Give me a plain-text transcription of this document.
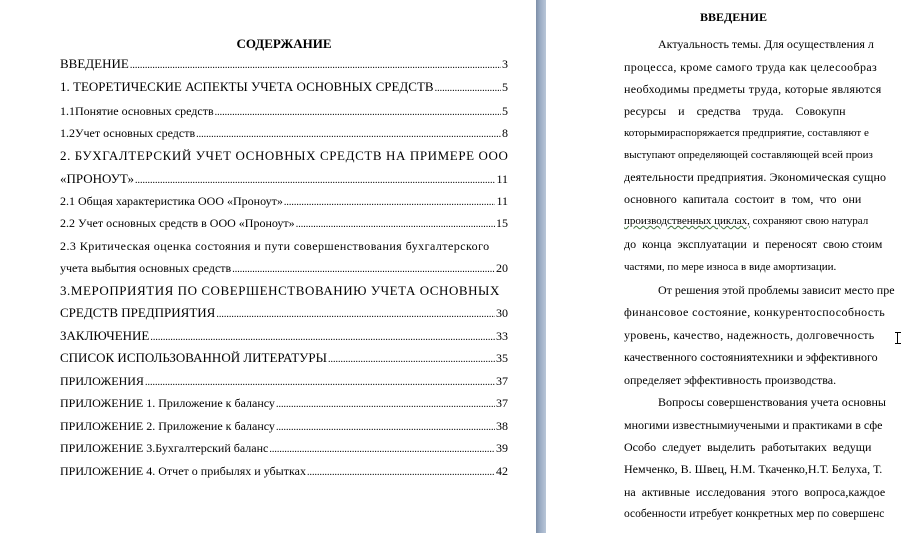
СОДЕРЖАНИЕ
ВВЕДЕНИЕ .....	3
1. ТЕОРЕТИЧЕСКИЕ АСПЕКТЫ УЧЕТА ОСНОВНЫХ СРЕДСТВ .....	5
1.1Понятие основных средств .....	5
1.2Учет основных средств .....	8
2. БУХГАЛТЕРСКИЙ УЧЕТ ОСНОВНЫХ СРЕДСТВ НА ПРИМЕРЕ ООО
«ПРОНОУТ» .....	11
2.1 Общая характеристика ООО «Проноут» .....	11
2.2 Учет основных средств в ООО «Проноут» .....	15
2.3 Критическая оценка состояния и пути совершенствования бухгалтерского
учета выбытия основных средств .....	20
3.МЕРОПРИЯТИЯ ПО СОВЕРШЕНСТВОВАНИЮ УЧЕТА ОСНОВНЫХ
СРЕДСТВ ПРЕДПРИЯТИЯ .....	30
ЗАКЛЮЧЕНИЕ .....	33
СПИСОК ИСПОЛЬЗОВАННОЙ ЛИТЕРАТУРЫ .....	35
ПРИЛОЖЕНИЯ .....	37
ПРИЛОЖЕНИЕ 1. Приложение к балансу .....	37
ПРИЛОЖЕНИЕ 2. Приложение к балансу .....	38
ПРИЛОЖЕНИЕ 3.Бухгалтерский баланс .....	39
ПРИЛОЖЕНИЕ 4. Отчет о прибылях и убытках .....	42
ВВЕДЕНИЕ
Актуальность темы. Для осуществления л
процесса, кроме самого труда как целесообраз
необходимы предметы труда, которые являются
ресурсы    и    средства    труда.    Совокупн
которымираспоряжается предприятие, составляют е
выступают определяющей составляющей всей произ
деятельности предприятия. Экономическая сущно
основного  капитала  состоит  в  том,  что  они
производственных циклах, сохраняют свою натурал
до  конца  эксплуатации  и  переносят  свою стоим
частями, по мере износа в виде амортизации.
От решения этой проблемы зависит место пре
финансовое состояние, конкурентоспособность
уровень, качество, надежность, долговечность
качественного состояниятехники и эффективного
определяет эффективность производства.
Вопросы совершенствования учета основны
многими известнымиучеными и практиками в сфе
Особо  следует  выделить  работытаких  ведущи
Немченко, В. Швец, Н.М. Ткаченко,Н.Т. Белуха, Т.
на  активные  исследования  этого  вопроса,каждое
особенности итребует конкретных мер по совершенс
